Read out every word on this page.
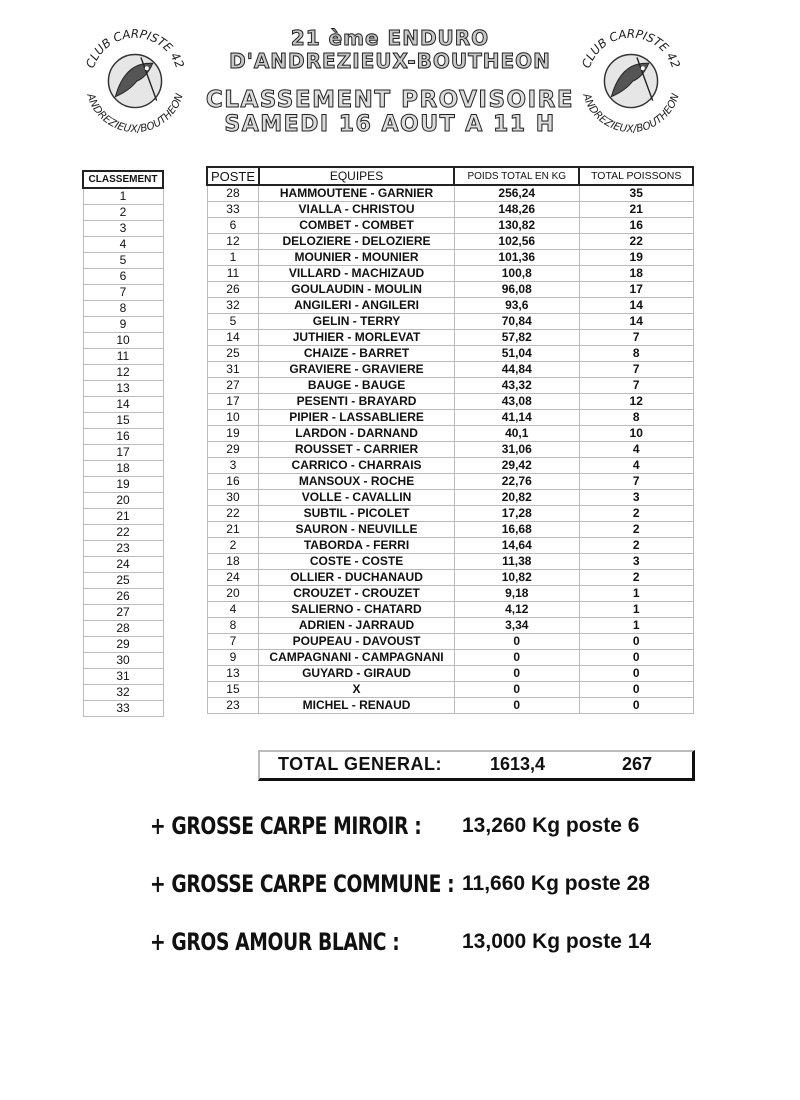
CLUB CARPISTE 42
ANDREZIEUX/BOUTHEON
CLUB CARPISTE 42
ANDREZIEUX/BOUTHEON
21 ème ENDURO
D'ANDREZIEUX-BOUTHEON
CLASSEMENT PROVISOIRE
SAMEDI 16 AOUT A 11 H
CLASSEMENT
1
2
3
4
5
6
7
8
9
10
11
12
13
14
15
16
17
18
19
20
21
22
23
24
25
26
27
28
29
30
31
32
33
POSTE	EQUIPES	POIDS TOTAL EN KG	TOTAL POISSONS
28	HAMMOUTENE - GARNIER	256,24	35
33	VIALLA - CHRISTOU	148,26	21
6	COMBET - COMBET	130,82	16
12	DELOZIERE - DELOZIERE	102,56	22
1	MOUNIER - MOUNIER	101,36	19
11	VILLARD - MACHIZAUD	100,8	18
26	GOULAUDIN - MOULIN	96,08	17
32	ANGILERI - ANGILERI	93,6	14
5	GELIN - TERRY	70,84	14
14	JUTHIER - MORLEVAT	57,82	7
25	CHAIZE - BARRET	51,04	8
31	GRAVIERE - GRAVIERE	44,84	7
27	BAUGE - BAUGE	43,32	7
17	PESENTI - BRAYARD	43,08	12
10	PIPIER - LASSABLIERE	41,14	8
19	LARDON - DARNAND	40,1	10
29	ROUSSET - CARRIER	31,06	4
3	CARRICO - CHARRAIS	29,42	4
16	MANSOUX - ROCHE	22,76	7
30	VOLLE - CAVALLIN	20,82	3
22	SUBTIL - PICOLET	17,28	2
21	SAURON - NEUVILLE	16,68	2
2	TABORDA - FERRI	14,64	2
18	COSTE - COSTE	11,38	3
24	OLLIER - DUCHANAUD	10,82	2
20	CROUZET - CROUZET	9,18	1
4	SALIERNO - CHATARD	4,12	1
8	ADRIEN - JARRAUD	3,34	1
7	POUPEAU - DAVOUST	0	0
9	CAMPAGNANI - CAMPAGNANI	0	0
13	GUYARD - GIRAUD	0	0
15	X	0	0
23	MICHEL - RENAUD	0	0
TOTAL GENERAL:	1613,4	267
+ GROSSE CARPE MIROIR : 13,260 Kg poste 6
+ GROSSE CARPE COMMUNE : 11,660 Kg poste 28
+ GROS AMOUR BLANC :	13,000 Kg poste 14
